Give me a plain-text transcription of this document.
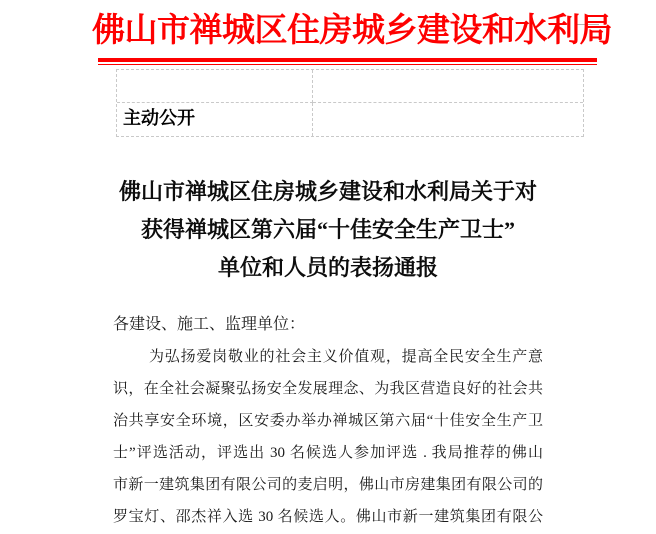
佛山市禅城区住房城乡建设和水利局
主动公开
佛山市禅城区住房城乡建设和水利局关于对
获得禅城区第六届“十佳安全生产卫士”
单位和人员的表扬通报
各建设、施工、监理单位：
为弘扬爱岗敬业的社会主义价值观，提高全民安全生产意
识，在全社会凝聚弘扬安全发展理念、为我区营造良好的社会共
治共享安全环境，区安委办举办禅城区第六届“十佳安全生产卫
士”评选活动，评选出 30 名候选人参加评选 . 我局推荐的佛山
市新一建筑集团有限公司的麦启明，佛山市房建集团有限公司的
罗宝灯、邵杰祥入选 30 名候选人。佛山市新一建筑集团有限公
